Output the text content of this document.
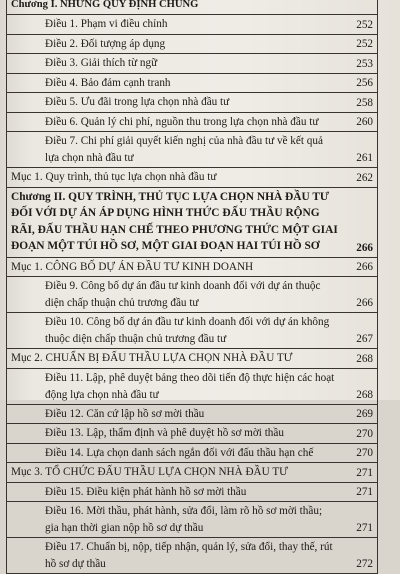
Chương I. NHỮNG QUY ĐỊNH CHUNG
Điều 1. Phạm vi điều chỉnh	252
Điều 2. Đối tượng áp dụng	252
Điều 3. Giải thích từ ngữ	253
Điều 4. Bảo đảm cạnh tranh	256
Điều 5. Ưu đãi trong lựa chọn nhà đầu tư	258
Điều 6. Quản lý chi phí, nguồn thu trong lựa chọn nhà đầu tư	260
Điều 7. Chi phí giải quyết kiến nghị của nhà đầu tư về kết quả lựa chọn nhà đầu tư	261
Mục 1. Quy trình, thủ tục lựa chọn nhà đầu tư	262
Chương II. QUY TRÌNH, THỦ TỤC LỰA CHỌN NHÀ ĐẦU TƯ ĐỐI VỚI DỰ ÁN ÁP DỤNG HÌNH THỨC ĐẤU THẦU RỘNG RÃI, ĐẤU THẦU HẠN CHẾ THEO PHƯƠNG THỨC MỘT GIAI ĐOẠN MỘT TÚI HỒ SƠ, MỘT GIAI ĐOẠN HAI TÚI HỒ SƠ	266
Mục 1. CÔNG BỐ DỰ ÁN ĐẦU TƯ KINH DOANH	266
Điều 9. Công bố dự án đầu tư kinh doanh đối với dự án thuộc diện chấp thuận chủ trương đầu tư	266
Điều 10. Công bố dự án đầu tư kinh doanh đối với dự án không thuộc diện chấp thuận chủ trương đầu tư	267
Mục 2. CHUẨN BỊ ĐẤU THẦU LỰA CHỌN NHÀ ĐẦU TƯ	268
Điều 11. Lập, phê duyệt bảng theo dõi tiến độ thực hiện các hoạt động lựa chọn nhà đầu tư	268
Điều 12. Căn cứ lập hồ sơ mời thầu	269
Điều 13. Lập, thẩm định và phê duyệt hồ sơ mời thầu	270
Điều 14. Lựa chọn danh sách ngắn đối với đấu thầu hạn chế	270
Mục 3. TỔ CHỨC ĐẤU THẦU LỰA CHỌN NHÀ ĐẦU TƯ	271
Điều 15. Điều kiện phát hành hồ sơ mời thầu	271
Điều 16. Mời thầu, phát hành, sửa đổi, làm rõ hồ sơ mời thầu; gia hạn thời gian nộp hồ sơ dự thầu	271
Điều 17. Chuẩn bị, nộp, tiếp nhận, quản lý, sửa đổi, thay thế, rút hồ sơ dự thầu	272
